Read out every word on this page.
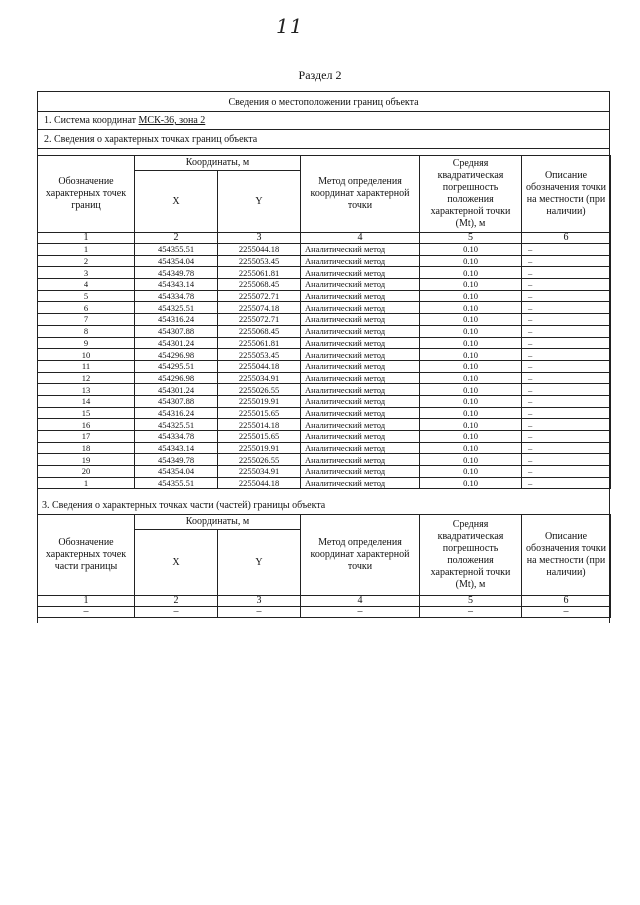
11
Раздел 2
Сведения о местоположении границ объекта
1. Система координат МСК-36, зона 2
2. Сведения о характерных точках границ объекта
Обозначение характерных точек границ	Координаты, м		Метод определения координат характерной точки	Средняя квадратическая погрешность положения характерной точки (Mt), м	Описание обозначения точки на местности (при наличии)
	X	Y			
1	2	3	4	5	6
1	454355.51	2255044.18	Аналитический метод	0.10	–
2	454354.04	2255053.45	Аналитический метод	0.10	–
3	454349.78	2255061.81	Аналитический метод	0.10	–
4	454343.14	2255068.45	Аналитический метод	0.10	–
5	454334.78	2255072.71	Аналитический метод	0.10	–
6	454325.51	2255074.18	Аналитический метод	0.10	–
7	454316.24	2255072.71	Аналитический метод	0.10	–
8	454307.88	2255068.45	Аналитический метод	0.10	–
9	454301.24	2255061.81	Аналитический метод	0.10	–
10	454296.98	2255053.45	Аналитический метод	0.10	–
11	454295.51	2255044.18	Аналитический метод	0.10	–
12	454296.98	2255034.91	Аналитический метод	0.10	–
13	454301.24	2255026.55	Аналитический метод	0.10	–
14	454307.88	2255019.91	Аналитический метод	0.10	–
15	454316.24	2255015.65	Аналитический метод	0.10	–
16	454325.51	2255014.18	Аналитический метод	0.10	–
17	454334.78	2255015.65	Аналитический метод	0.10	–
18	454343.14	2255019.91	Аналитический метод	0.10	–
19	454349.78	2255026.55	Аналитический метод	0.10	–
20	454354.04	2255034.91	Аналитический метод	0.10	–
1	454355.51	2255044.18	Аналитический метод	0.10	–
3. Сведения о характерных точках части (частей) границы объекта
Обозначение характерных точек части границы	Координаты, м		Метод определения координат характерной точки	Средняя квадратическая погрешность положения характерной точки (Mt), м	Описание обозначения точки на местности (при наличии)
	X	Y			
1	2	3	4	5	6
–	–	–	–	–	–
